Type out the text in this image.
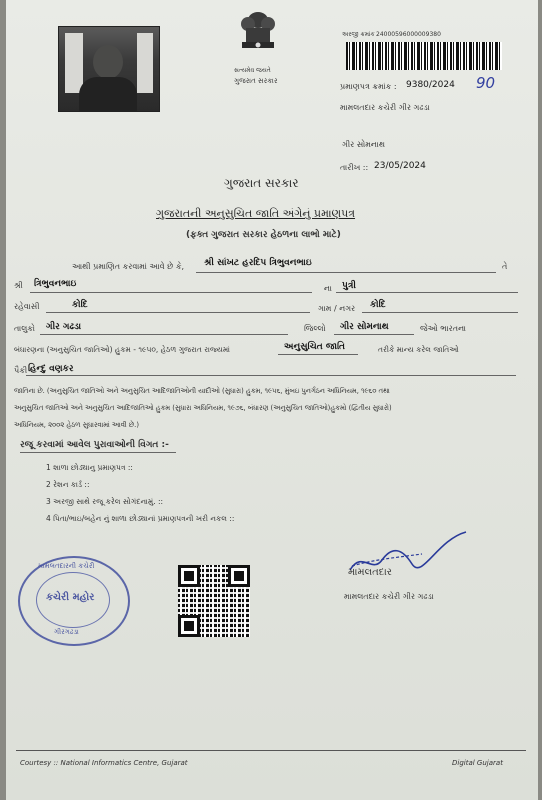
સત્યમેવ જયતે
ગુજરાત સરકાર
અરજી ક્રમાંક 24000596000009380
પ્રમાણપત્ર ક્રમાંક : 9380/2024 90
મામલતદાર કચેરી ગીર ગઢડા
ગીર સોમનાથ
તારીખ :: 23/05/2024
ગુજરાત સરકાર
ગુજરાતની અનુસુચિત જાતિ અંગેનું પ્રમાણપત્ર
(ફક્ત ગુજરાત સરકાર હેઠળના લાભો માટે)
આથી પ્રમાણિત કરવામાં આવે છે કે, શ્રી સાંખટ હરદિપ ત્રિભુવનભાઇ	તે
શ્રી ત્રિભુવનભાઇ	ના પુત્રી
રહેવાસી	કોદિ	ગામ / નગર કોદિ
તાલુકો ગીર ગઢડા	જિલ્લો ગીર સોમનાથ	જેઓ ભારતના
બંધારણના (અનુસુચિત જાતિઓ) હુકમ - ૧૯૫૦, હેઠળ ગુજરાત રાજ્યમાં	અનુસુચિત જાતિ	તરીકે માન્ય કરેલ જાતિઓ
પૈકી હિન્દુ વણકર
જાતિના છે. (અનુસુચિત જાતિઓ અને અનુસુચિત આદિજાતિઓની યાદીઓ (સુધારા) હુકમ, ૧૯૫૬, મુંબઇ પુનર્ગઠન અધિનિયમ, ૧૯૬૦ તથા
અનુસુચિત જાતિઓ અને અનુસુચિત આદિજાતિઓ હુકમ (સુધારા અધિનિયમ, ૧૯૭૬, બંધારણ (અનુસુચિત જાતિઓ)હુકમો (દ્વિતીય સુધારો)
અધિનિયમ, ૨૦૦૨ હેઠળ સુધારવામાં આવી છે.)
રજૂ કરવામાં આવેલ પુરાવાઓની વિગત :-
1 શાળા છોડ્યાનુ પ્રમાણપત્ર ::
2 રેશન કાર્ડ ::
3 અરજી સાથે રજૂ કરેલ સોગંદનામું. ::
4 પિતા/ભાઇ/બહેન નું શાળા છોડ્યાનાં પ્રમાણપત્રની ખરી નકલ ::
મામલતદાર
મામલતદાર કચેરી ગીર ગઢડા
મામલતદારની કચેરી
કચેરી મહોર
ગીરગઢડા
Courtesy :: National Informatics Centre, Gujarat	Digital Gujarat
